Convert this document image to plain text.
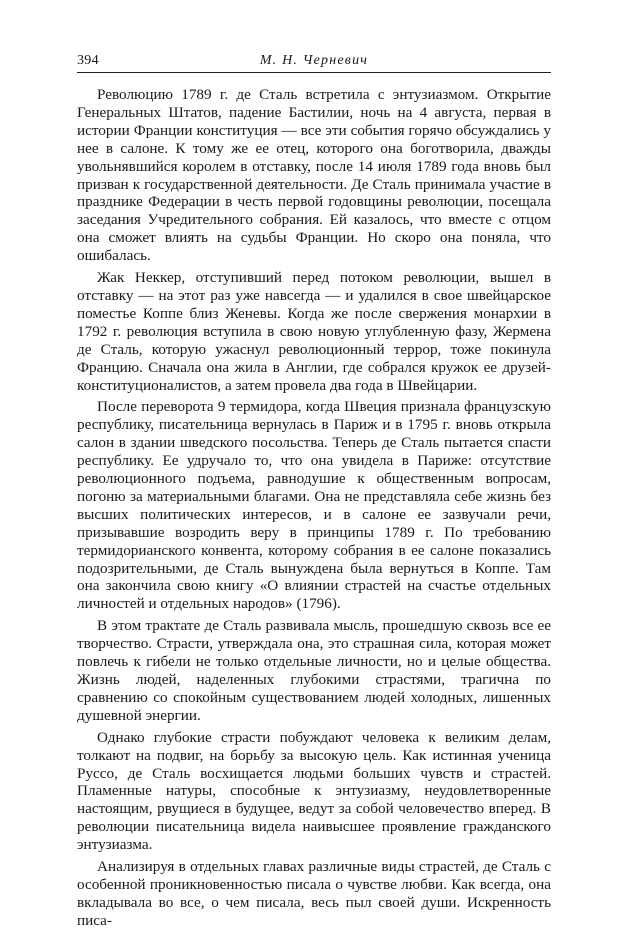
394	М. Н. Черневич

Революцию 1789 г. де Сталь встретила с энтузиазмом. Открытие Генеральных Штатов, падение Бастилии, ночь на 4 августа, первая в истории Франции конституция — все эти события горячо обсуждались у нее в салоне. К тому же ее отец, которого она боготворила, дважды увольнявшийся королем в отставку, после 14 июля 1789 года вновь был призван к государственной деятельности. Де Сталь принимала участие в празднике Федерации в честь первой годовщины революции, посещала заседания Учредительного собрания. Ей казалось, что вместе с отцом она сможет влиять на судьбы Франции. Но скоро она поняла, что ошибалась.

Жак Неккер, отступивший перед потоком революции, вышел в отставку — на этот раз уже навсегда — и удалился в свое швейцарское поместье Коппе близ Женевы. Когда же после свержения монархии в 1792 г. революция вступила в свою новую углубленную фазу, Жермена де Сталь, которую ужаснул революционный террор, тоже покинула Францию. Сначала она жила в Англии, где собрался кружок ее друзей-конституционалистов, а затем провела два года в Швейцарии.

После переворота 9 термидора, когда Швеция признала французскую республику, писательница вернулась в Париж и в 1795 г. вновь открыла салон в здании шведского посольства. Теперь де Сталь пытается спасти республику. Ее удручало то, что она увидела в Париже: отсутствие революционного подъема, равнодушие к общественным вопросам, погоню за материальными благами. Она не представляла себе жизнь без высших политических интересов, и в салоне ее зазвучали речи, призывавшие возродить веру в принципы 1789 г. По требованию термидорианского конвента, которому собрания в ее салоне показались подозрительными, де Сталь вынуждена была вернуться в Коппе. Там она закончила свою книгу «О влиянии страстей на счастье отдельных личностей и отдельных народов» (1796).

В этом трактате де Сталь развивала мысль, прошедшую сквозь все ее творчество. Страсти, утверждала она, это страшная сила, которая может повлечь к гибели не только отдельные личности, но и целые общества. Жизнь людей, наделенных глубокими страстями, трагична по сравнению со спокойным существованием людей холодных, лишенных душевной энергии.

Однако глубокие страсти побуждают человека к великим делам, толкают на подвиг, на борьбу за высокую цель. Как истинная ученица Руссо, де Сталь восхищается людьми больших чувств и страстей. Пламенные натуры, способные к энтузиазму, неудовлетворенные настоящим, рвущиеся в будущее, ведут за собой человечество вперед. В революции писательница видела наивысшее проявление гражданского энтузиазма.

Анализируя в отдельных главах различные виды страстей, де Сталь с особенной проникновенностью писала о чувстве любви. Как всегда, она вкладывала во все, о чем писала, весь пыл своей души. Искренность писа-
